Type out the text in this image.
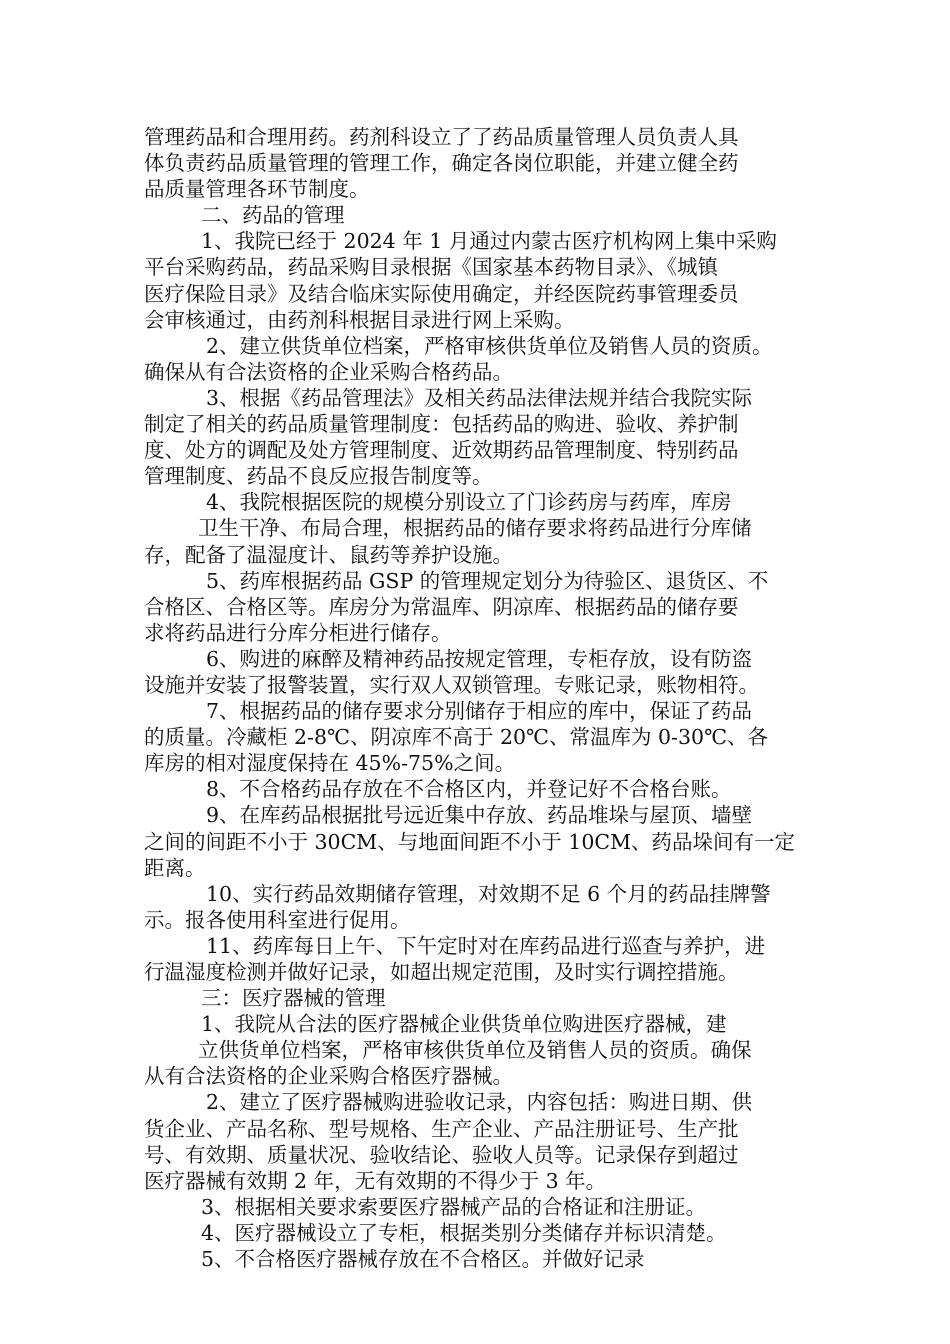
管理药品和合理用药。药剂科设立了了药品质量管理人员负责人具
体负责药品质量管理的管理工作，确定各岗位职能，并建立健全药
品质量管理各环节制度。
二、药品的管理
1、我院已经于 2024 年 1 月通过内蒙古医疗机构网上集中采购
平台采购药品，药品采购目录根据《国家基本药物目录》、《城镇
医疗保险目录》及结合临床实际使用确定，并经医院药事管理委员
会审核通过，由药剂科根据目录进行网上采购。
2、建立供货单位档案，严格审核供货单位及销售人员的资质。
确保从有合法资格的企业采购合格药品。
3、根据《药品管理法》及相关药品法律法规并结合我院实际
制定了相关的药品质量管理制度：包括药品的购进、验收、养护制
度、处方的调配及处方管理制度、近效期药品管理制度、特别药品
管理制度、药品不良反应报告制度等。
4、我院根据医院的规模分别设立了门诊药房与药库，库房
卫生干净、布局合理，根据药品的储存要求将药品进行分库储
存，配备了温湿度计、鼠药等养护设施。
5、药库根据药品 GSP 的管理规定划分为待验区、退货区、不
合格区、合格区等。库房分为常温库、阴凉库、根据药品的储存要
求将药品进行分库分柜进行储存。
6、购进的麻醉及精神药品按规定管理，专柜存放，设有防盗
设施并安装了报警装置，实行双人双锁管理。专账记录，账物相符。
7、根据药品的储存要求分别储存于相应的库中，保证了药品
的质量。冷藏柜 2-8℃、阴凉库不高于 20℃、常温库为 0-30℃、各
库房的相对湿度保持在 45%-75%之间。
8、不合格药品存放在不合格区内，并登记好不合格台账。
9、在库药品根据批号远近集中存放、药品堆垛与屋顶、墙壁
之间的间距不小于 30CM、与地面间距不小于 10CM、药品垛间有一定
距离。
10、实行药品效期储存管理，对效期不足 6 个月的药品挂牌警
示。报各使用科室进行促用。
11、药库每日上午、下午定时对在库药品进行巡查与养护，进
行温湿度检测并做好记录，如超出规定范围，及时实行调控措施。
三：医疗器械的管理
1、我院从合法的医疗器械企业供货单位购进医疗器械，建
立供货单位档案，严格审核供货单位及销售人员的资质。确保
从有合法资格的企业采购合格医疗器械。
2、建立了医疗器械购进验收记录，内容包括：购进日期、供
货企业、产品名称、型号规格、生产企业、产品注册证号、生产批
号、有效期、质量状况、验收结论、验收人员等。记录保存到超过
医疗器械有效期 2 年，无有效期的不得少于 3 年。
3、根据相关要求索要医疗器械产品的合格证和注册证。
4、医疗器械设立了专柜，根据类别分类储存并标识清楚。
5、不合格医疗器械存放在不合格区。并做好记录
